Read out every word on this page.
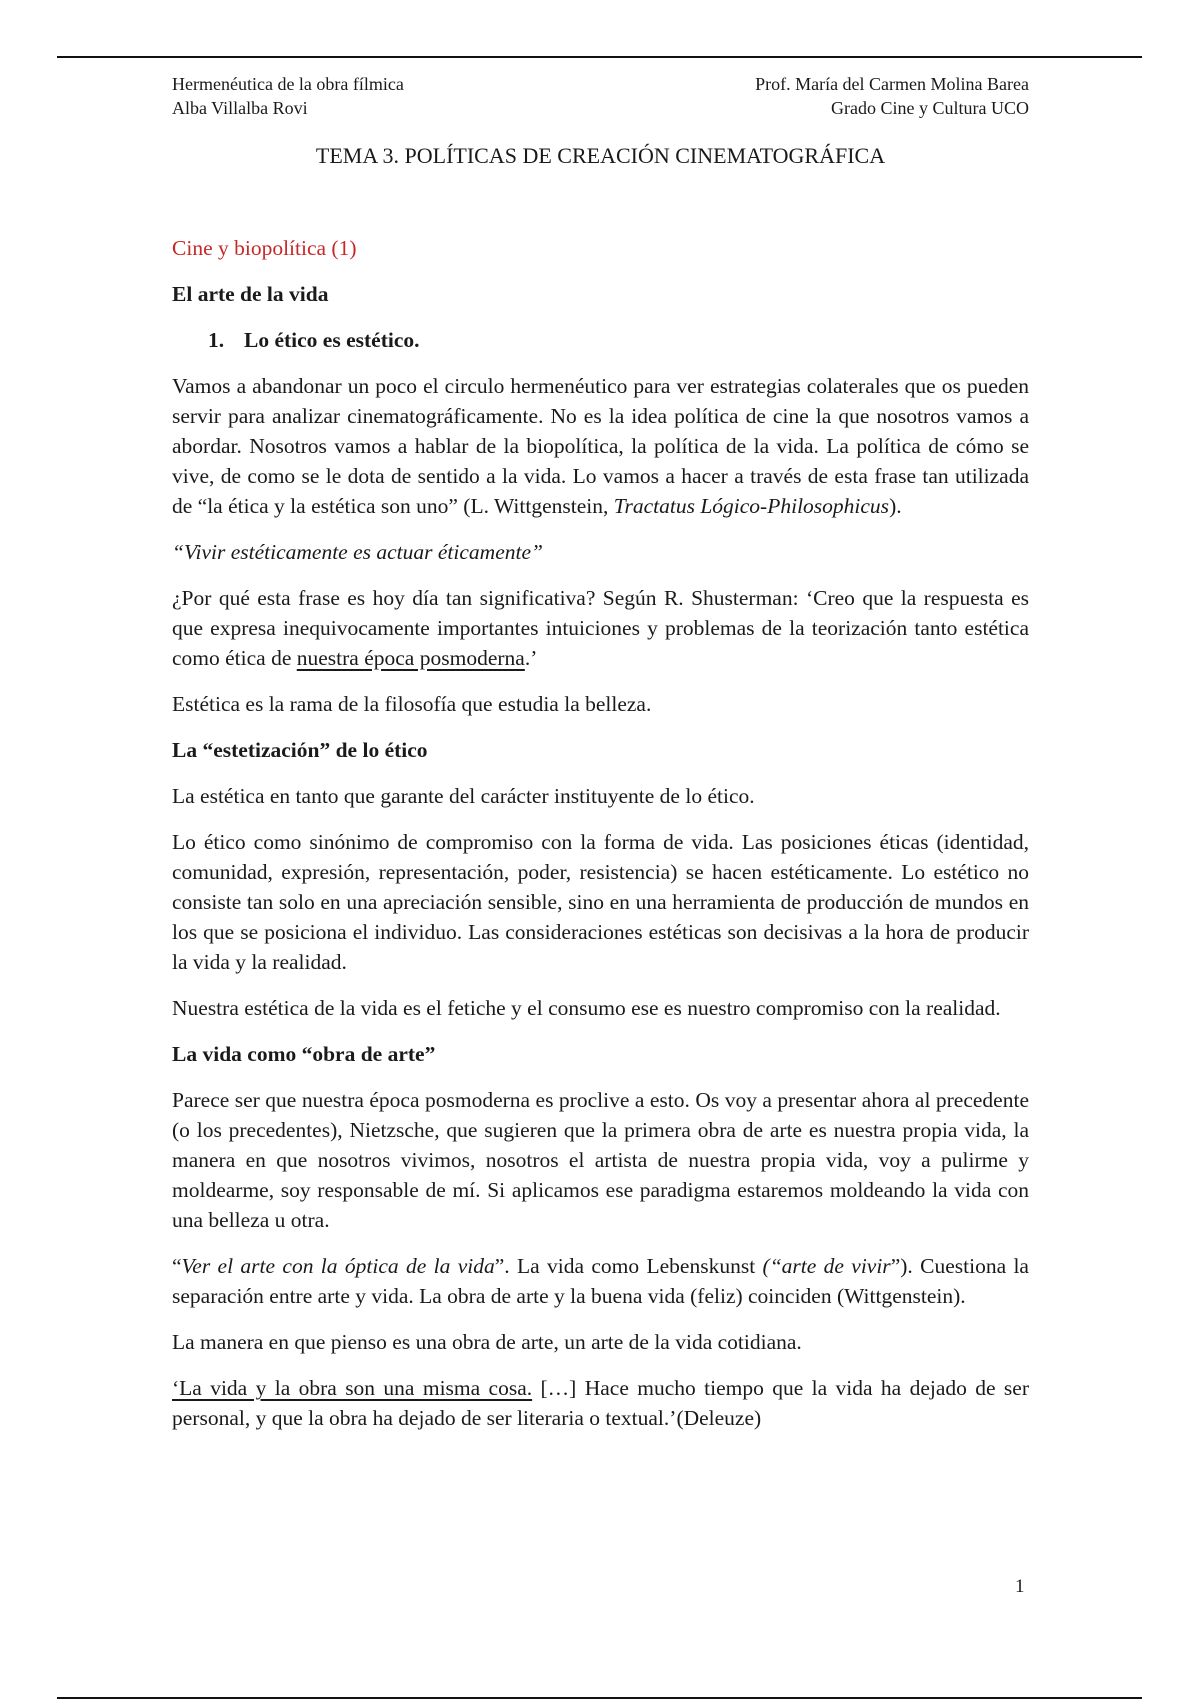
Hermenéutica de la obra fílmica	Prof. María del Carmen Molina Barea
Alba Villalba Rovi	Grado Cine y Cultura UCO
TEMA 3. POLÍTICAS DE CREACIÓN CINEMATOGRÁFICA

Cine y biopolítica (1)

El arte de la vida

1. Lo ético es estético.

Vamos a abandonar un poco el circulo hermenéutico para ver estrategias colaterales que os pueden servir para analizar cinematográficamente. No es la idea política de cine la que nosotros vamos a abordar. Nosotros vamos a hablar de la biopolítica, la política de la vida. La política de cómo se vive, de como se le dota de sentido a la vida. Lo vamos a hacer a través de esta frase tan utilizada de “la ética y la estética son uno” (L. Wittgenstein, Tractatus Lógico-Philosophicus).

“Vivir estéticamente es actuar éticamente”

¿Por qué esta frase es hoy día tan significativa? Según R. Shusterman: ‘Creo que la respuesta es que expresa inequivocamente importantes intuiciones y problemas de la teorización tanto estética como ética de nuestra época posmoderna.’

Estética es la rama de la filosofía que estudia la belleza.

La “estetización” de lo ético

La estética en tanto que garante del carácter instituyente de lo ético.

Lo ético como sinónimo de compromiso con la forma de vida. Las posiciones éticas (identidad, comunidad, expresión, representación, poder, resistencia) se hacen estéticamente. Lo estético no consiste tan solo en una apreciación sensible, sino en una herramienta de producción de mundos en los que se posiciona el individuo. Las consideraciones estéticas son decisivas a la hora de producir la vida y la realidad.

Nuestra estética de la vida es el fetiche y el consumo ese es nuestro compromiso con la realidad.

La vida como “obra de arte”

Parece ser que nuestra época posmoderna es proclive a esto. Os voy a presentar ahora al precedente (o los precedentes), Nietzsche, que sugieren que la primera obra de arte es nuestra propia vida, la manera en que nosotros vivimos, nosotros el artista de nuestra propia vida, voy a pulirme y moldearme, soy responsable de mí. Si aplicamos ese paradigma estaremos moldeando la vida con una belleza u otra.

“Ver el arte con la óptica de la vida”. La vida como Lebenskunst (“arte de vivir”). Cuestiona la separación entre arte y vida. La obra de arte y la buena vida (feliz) coinciden (Wittgenstein).

La manera en que pienso es una obra de arte, un arte de la vida cotidiana.

‘La vida y la obra son una misma cosa. […] Hace mucho tiempo que la vida ha dejado de ser personal, y que la obra ha dejado de ser literaria o textual.’(Deleuze)

1
